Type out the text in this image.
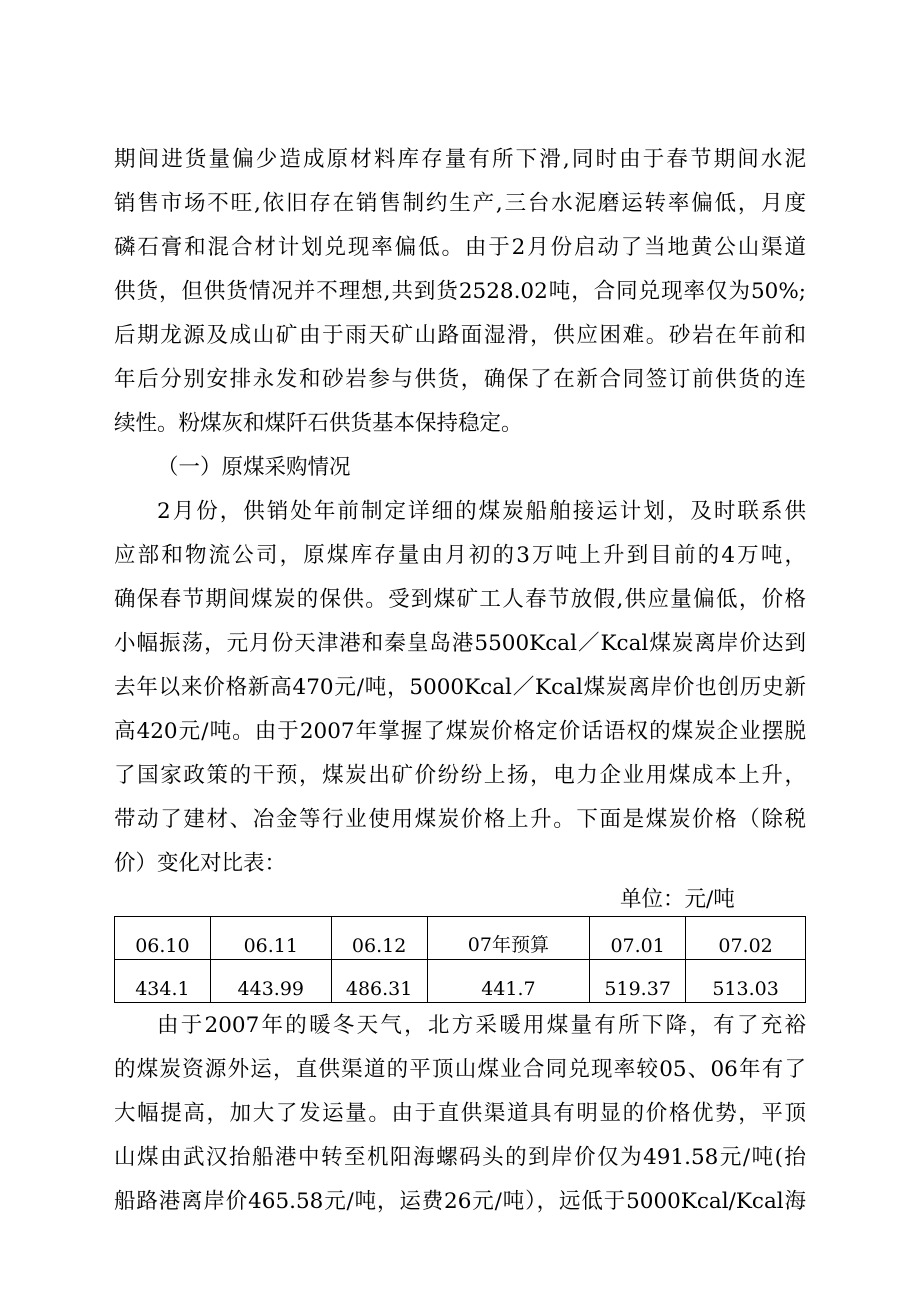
期间进货量偏少造成原材料库存量有所下滑,同时由于春节期间水泥
销售市场不旺,依旧存在销售制约生产,三台水泥磨运转率偏低，月度
磷石膏和混合材计划兑现率偏低。由于2月份启动了当地黄公山渠道
供货，但供货情况并不理想,共到货2528.02吨，合同兑现率仅为50%;
后期龙源及成山矿由于雨天矿山路面湿滑，供应困难。砂岩在年前和
年后分别安排永发和砂岩参与供货，确保了在新合同签订前供货的连
续性。粉煤灰和煤阡石供货基本保持稳定。
（一）原煤采购情况
2月份，供销处年前制定详细的煤炭船舶接运计划，及时联系供
应部和物流公司，原煤库存量由月初的3万吨上升到目前的4万吨，
确保春节期间煤炭的保供。受到煤矿工人春节放假,供应量偏低，价格
小幅振荡，元月份天津港和秦皇岛港5500Kcal／Kcal煤炭离岸价达到
去年以来价格新高470元/吨，5000Kcal／Kcal煤炭离岸价也创历史新
高420元/吨。由于2007年掌握了煤炭价格定价话语权的煤炭企业摆脱
了国家政策的干预，煤炭出矿价纷纷上扬，电力企业用煤成本上升，
带动了建材、冶金等行业使用煤炭价格上升。下面是煤炭价格（除税
价）变化对比表：
单位：元/吨
06.10	06.11	06.12	07年预算	07.01	07.02
434.1	443.99	486.31	441.7	519.37	513.03
由于2007年的暖冬天气，北方采暖用煤量有所下降，有了充裕
的煤炭资源外运，直供渠道的平顶山煤业合同兑现率较05、06年有了
大幅提高，加大了发运量。由于直供渠道具有明显的价格优势，平顶
山煤由武汉抬船港中转至机阳海螺码头的到岸价仅为491.58元/吨(抬
船路港离岸价465.58元/吨，运费26元/吨），远低于5000Kcal/Kcal海
